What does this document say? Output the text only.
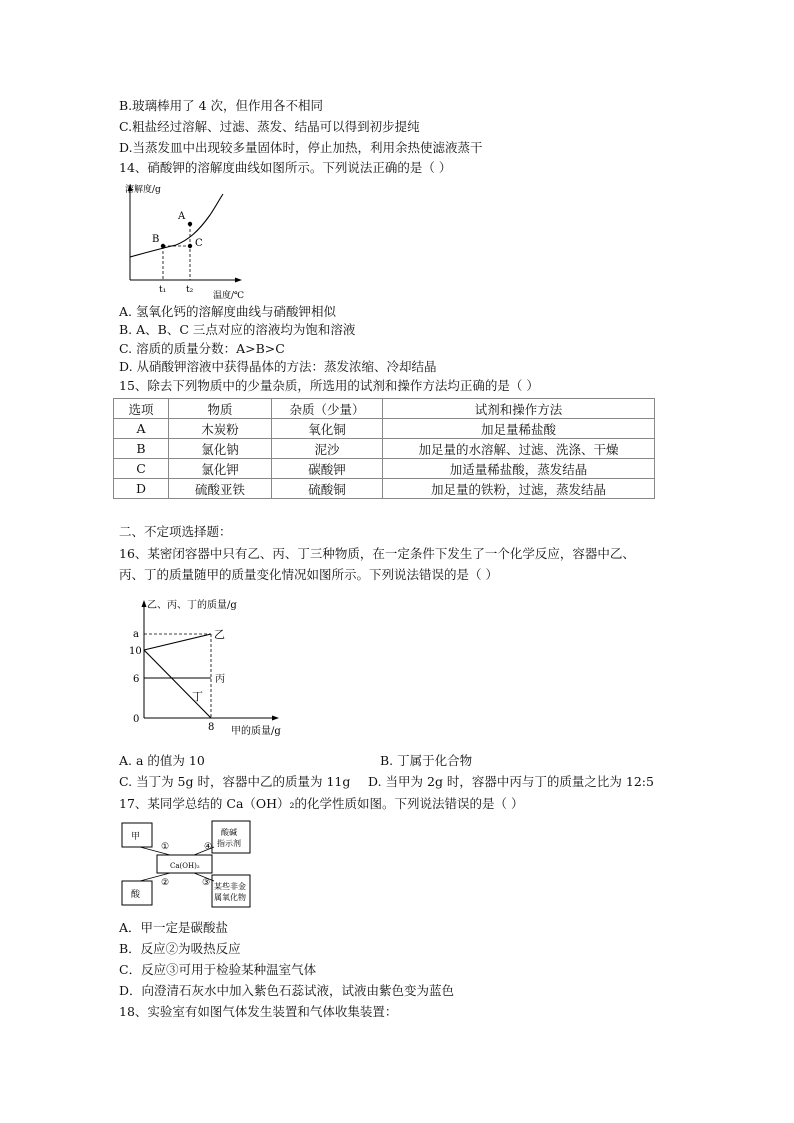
B.玻璃棒用了 4 次，但作用各不相同
C.粗盐经过溶解、过滤、蒸发、结晶可以得到初步提纯
D.当蒸发皿中出现较多量固体时，停止加热，利用余热使滤液蒸干
14、硝酸钾的溶解度曲线如图所示。下列说法正确的是（ ）
溶解度/g
A
B	C
t₁ t₂
温度/℃
A. 氢氧化钙的溶解度曲线与硝酸钾相似
B. A、B、C 三点对应的溶液均为饱和溶液
C. 溶质的质量分数：A>B>C
D. 从硝酸钾溶液中获得晶体的方法：蒸发浓缩、冷却结晶
15、除去下列物质中的少量杂质，所选用的试剂和操作方法均正确的是（ ）
选项	物质	杂质（少量）	试剂和操作方法
A	木炭粉	氧化铜	加足量稀盐酸
B	氯化钠	泥沙	加足量的水溶解、过滤、洗涤、干燥
C	氯化钾	碳酸钾	加适量稀盐酸，蒸发结晶
D	硫酸亚铁	硫酸铜	加足量的铁粉，过滤，蒸发结晶
二、不定项选择题：
16、某密闭容器中只有乙、丙、丁三种物质，在一定条件下发生了一个化学反应，容器中乙、
丙、丁的质量随甲的质量变化情况如图所示。下列说法错误的是（ ）
乙、丙、丁的质量/g
a
10
6
0
8
乙
丙
丁
甲的质量/g
A. a 的值为 10	B. 丁属于化合物
C. 当丁为 5g 时，容器中乙的质量为 11g D. 当甲为 2g 时，容器中丙与丁的质量之比为 12:5
17、某同学总结的 Ca（OH）₂的化学性质如图。下列说法错误的是（ ）
甲	酸碱
指示剂
Ca(OH)₂
酸
某些非金
属氧化物
①	④
②	③
A．甲一定是碳酸盐
B．反应②为吸热反应
C．反应③可用于检验某种温室气体
D．向澄清石灰水中加入紫色石蕊试液，试液由紫色变为蓝色
18、实验室有如图气体发生装置和气体收集装置：
